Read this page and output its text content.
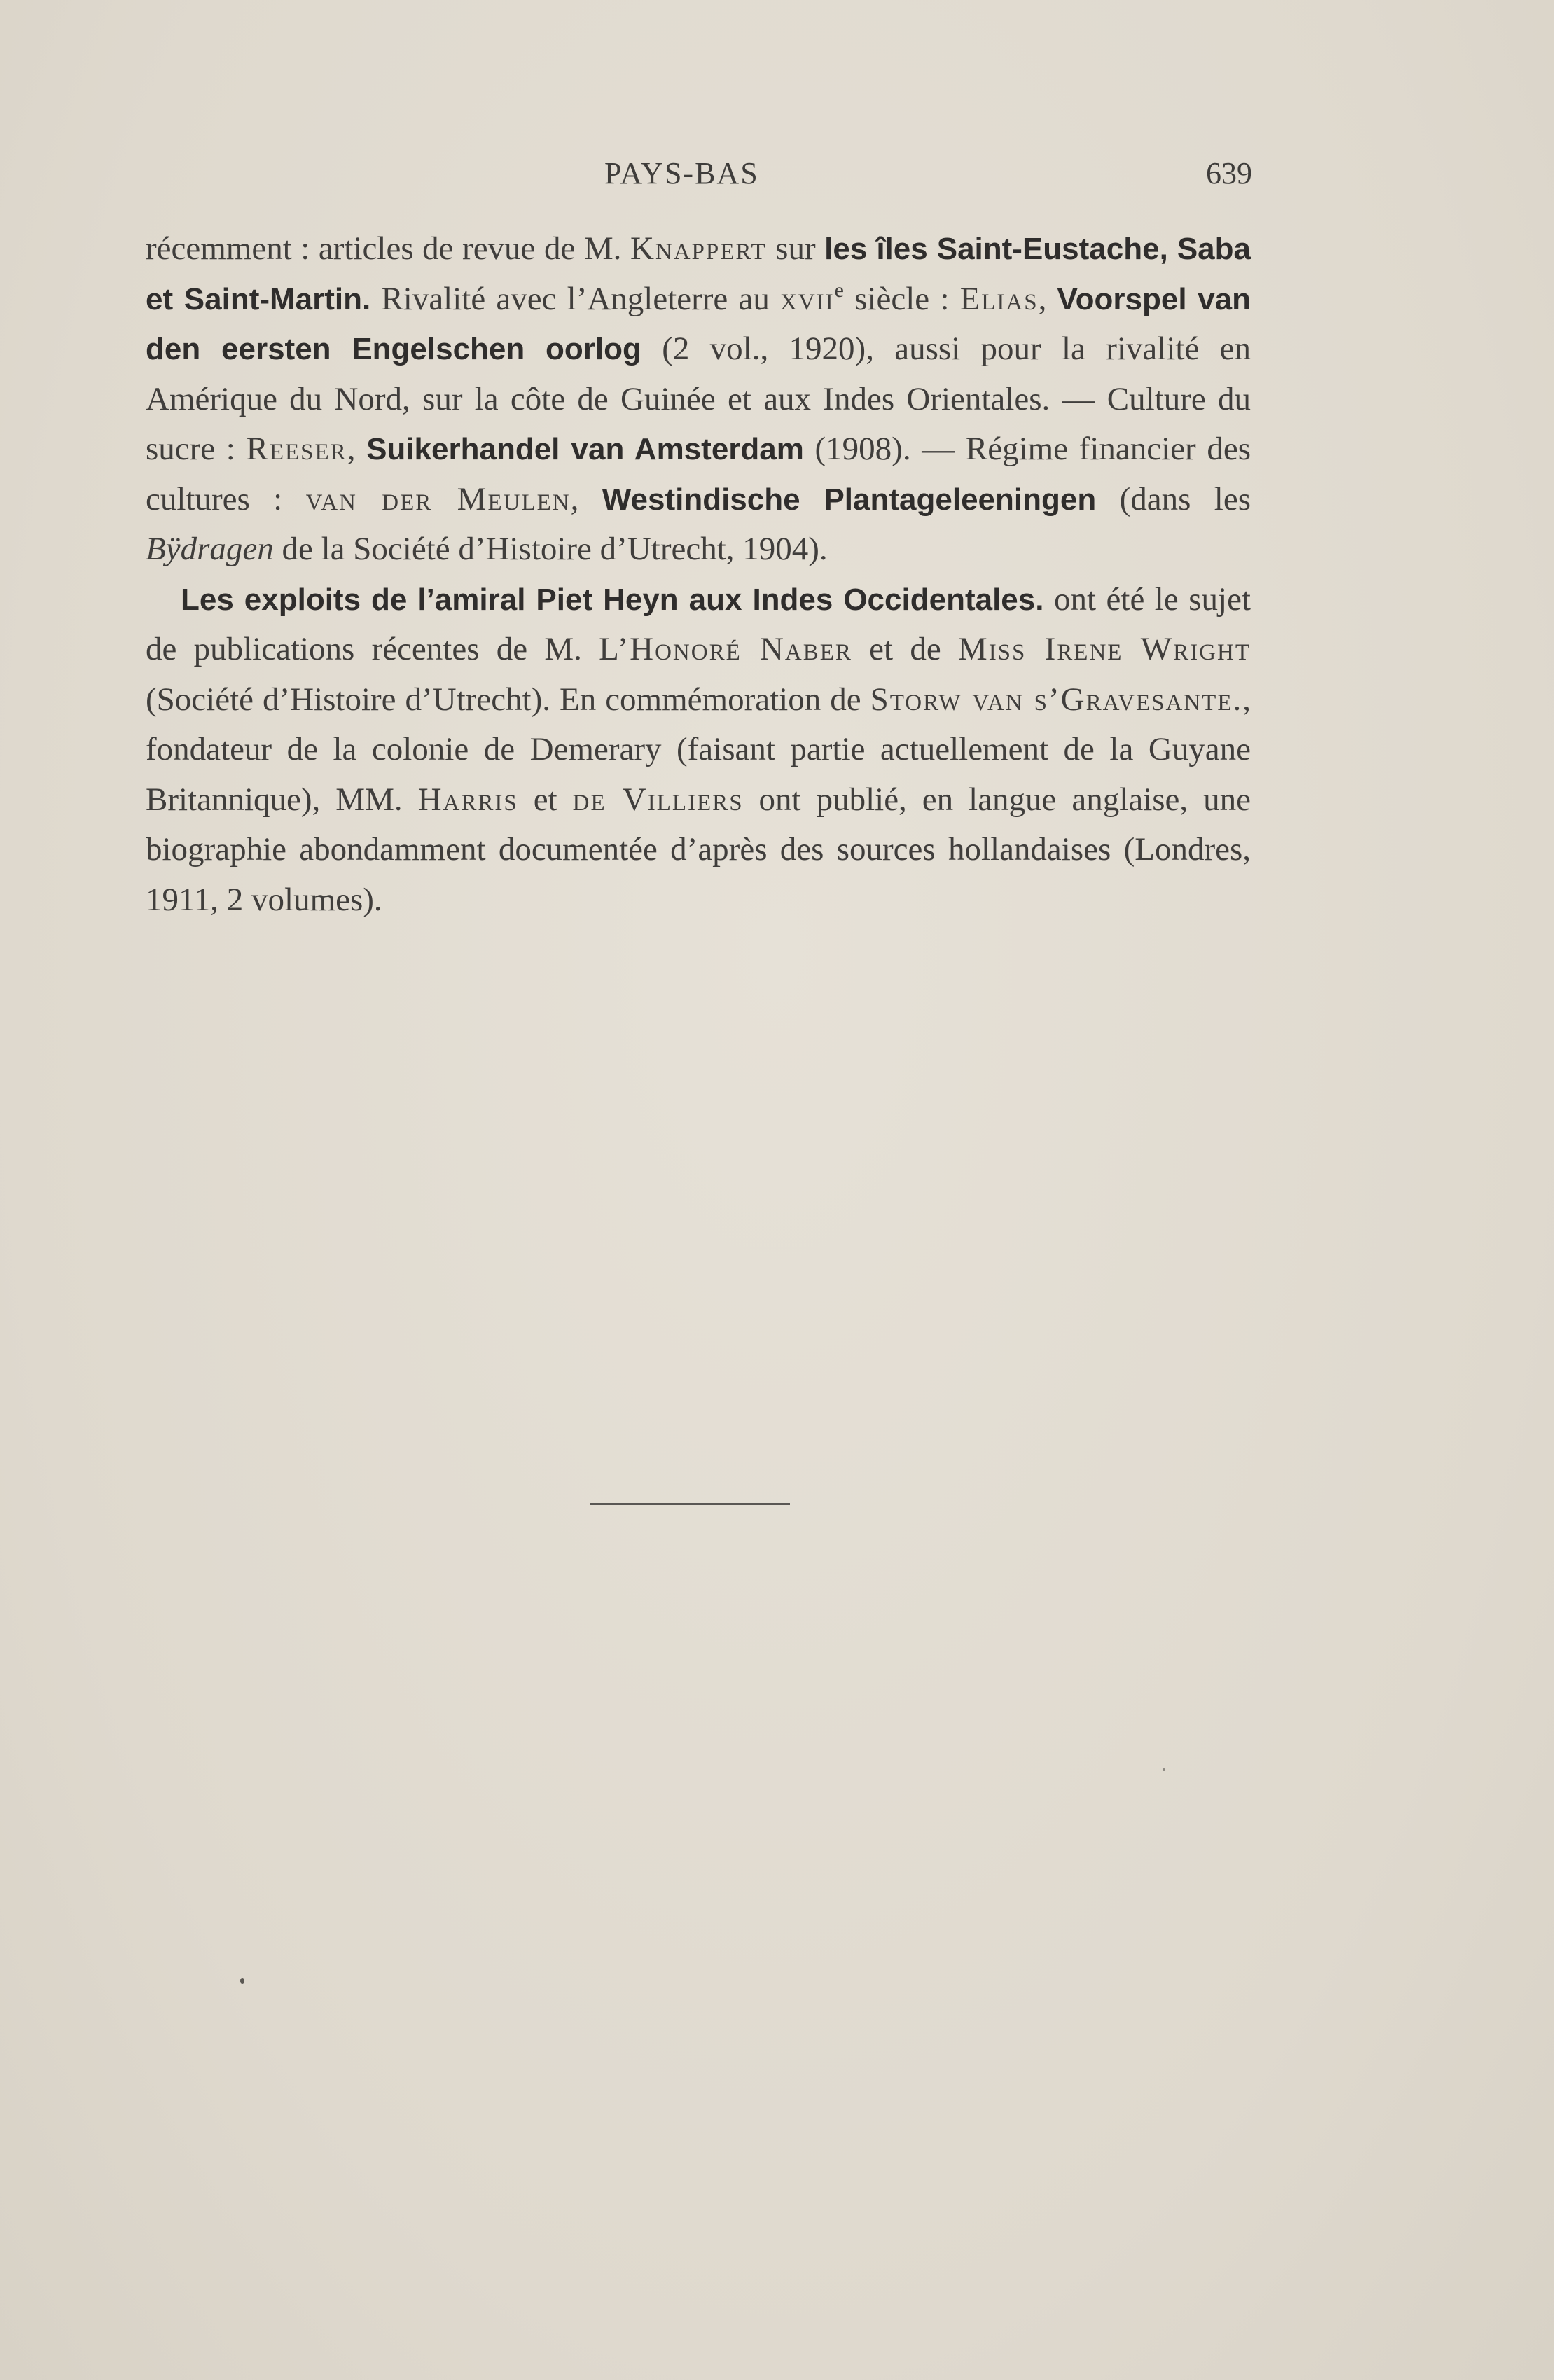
PAYS-BAS	639

récemment : articles de revue de M. Knappert sur les îles Saint-Eustache, Saba et Saint-Martin. Rivalité avec l’Angleterre au xvii$^e$ siècle : Elias, Voorspel van den eersten Engelschen oorlog (2 vol., 1920), aussi pour la rivalité en Amérique du Nord, sur la côte de Guinée et aux Indes Orientales. — Culture du sucre : Reeser, Suikerhandel van Amsterdam (1908). — Régime financier des cultures : van der Meulen, Westindische Plantageleeningen (dans les Bÿdragen de la Société d’Histoire d’Utrecht, 1904).

Les exploits de l’amiral Piet Heyn aux Indes Occidentales. ont été le sujet de publications récentes de M. L’Honoré Naber et de Miss Irene Wright (Société d’Histoire d’Utrecht). En commémoration de Storw van s’Gravesante., fondateur de la colonie de Demerary (faisant partie actuellement de la Guyane Britannique), MM. Harris et de Villiers ont publié, en langue anglaise, une biographie abondamment documentée d’après des sources hollandaises (Londres, 1911, 2 volumes).
